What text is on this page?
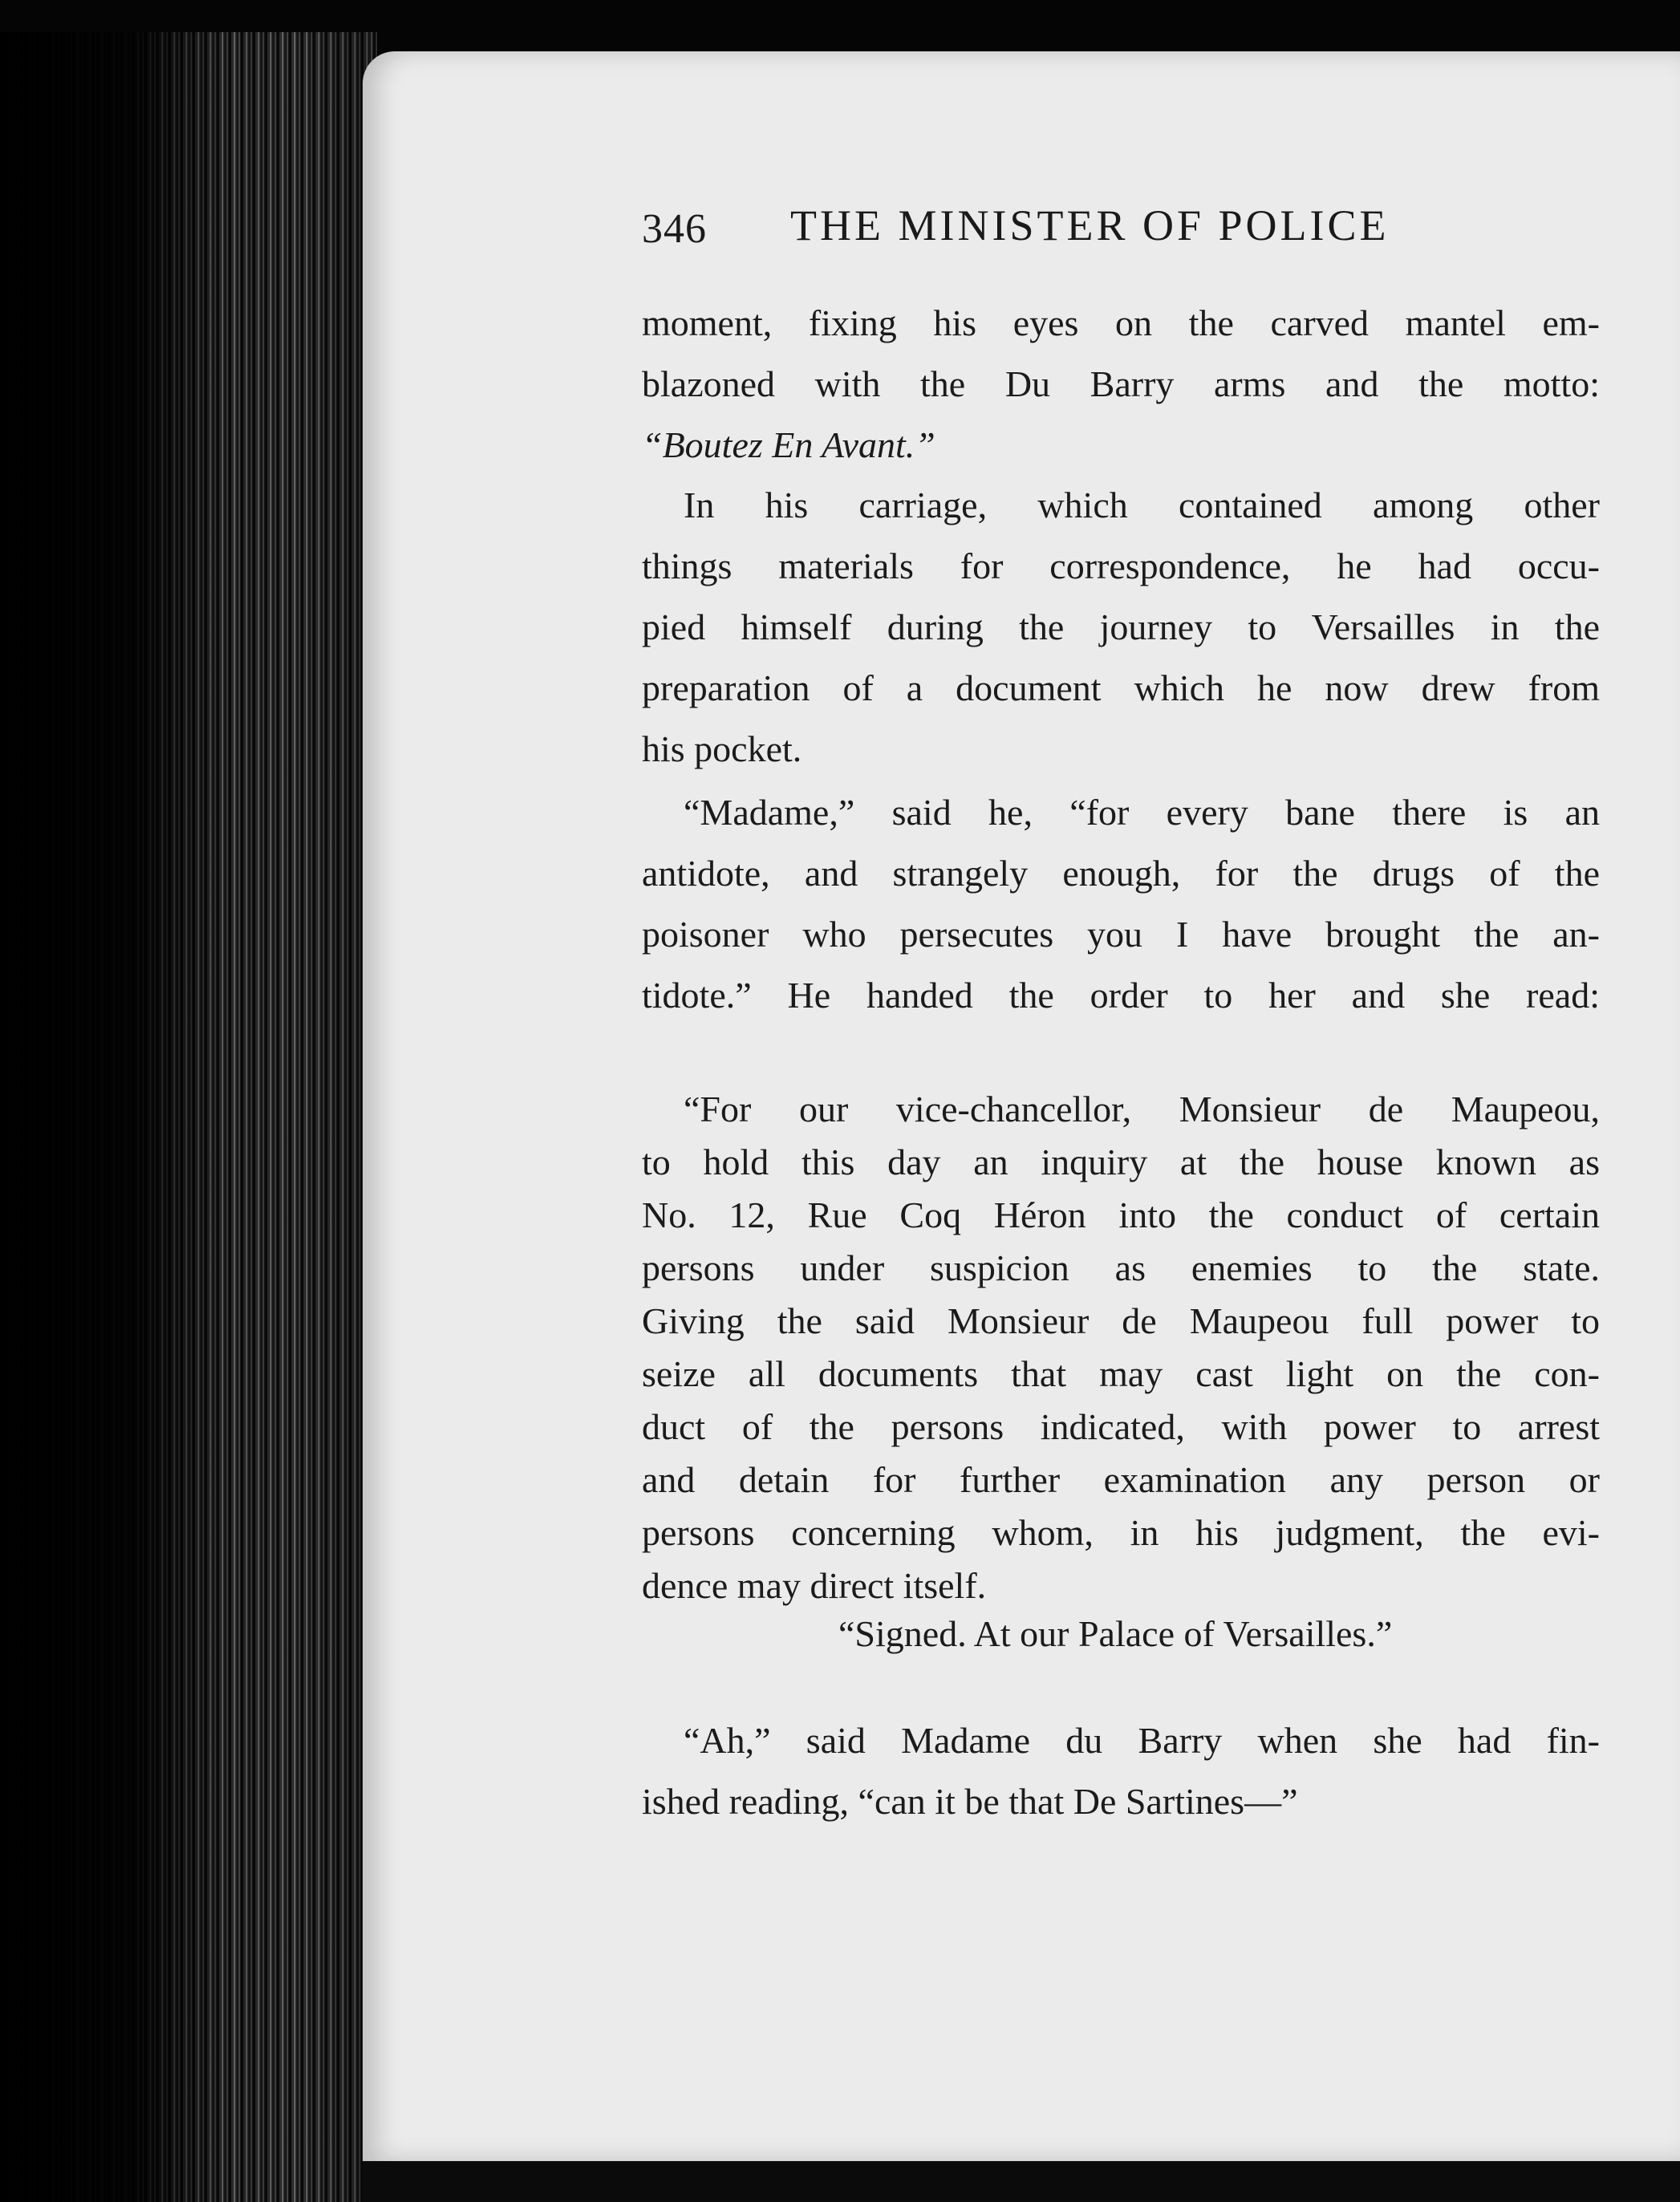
346 THE MINISTER OF POLICE
moment, fixing his eyes on the carved mantel em-
blazoned with the Du Barry arms and the motto:
“Boutez En Avant.”
In his carriage, which contained among other
things materials for correspondence, he had occu-
pied himself during the journey to Versailles in the
preparation of a document which he now drew from
his pocket.
“Madame,” said he, “for every bane there is an
antidote, and strangely enough, for the drugs of the
poisoner who persecutes you I have brought the an-
tidote.” He handed the order to her and she read:
“For our vice-chancellor, Monsieur de Maupeou,
to hold this day an inquiry at the house known as
No. 12, Rue Coq Héron into the conduct of certain
persons under suspicion as enemies to the state.
Giving the said Monsieur de Maupeou full power to
seize all documents that may cast light on the con-
duct of the persons indicated, with power to arrest
and detain for further examination any person or
persons concerning whom, in his judgment, the evi-
dence may direct itself.
“Signed. At our Palace of Versailles.”
“Ah,” said Madame du Barry when she had fin-
ished reading, “can it be that De Sartines—”
